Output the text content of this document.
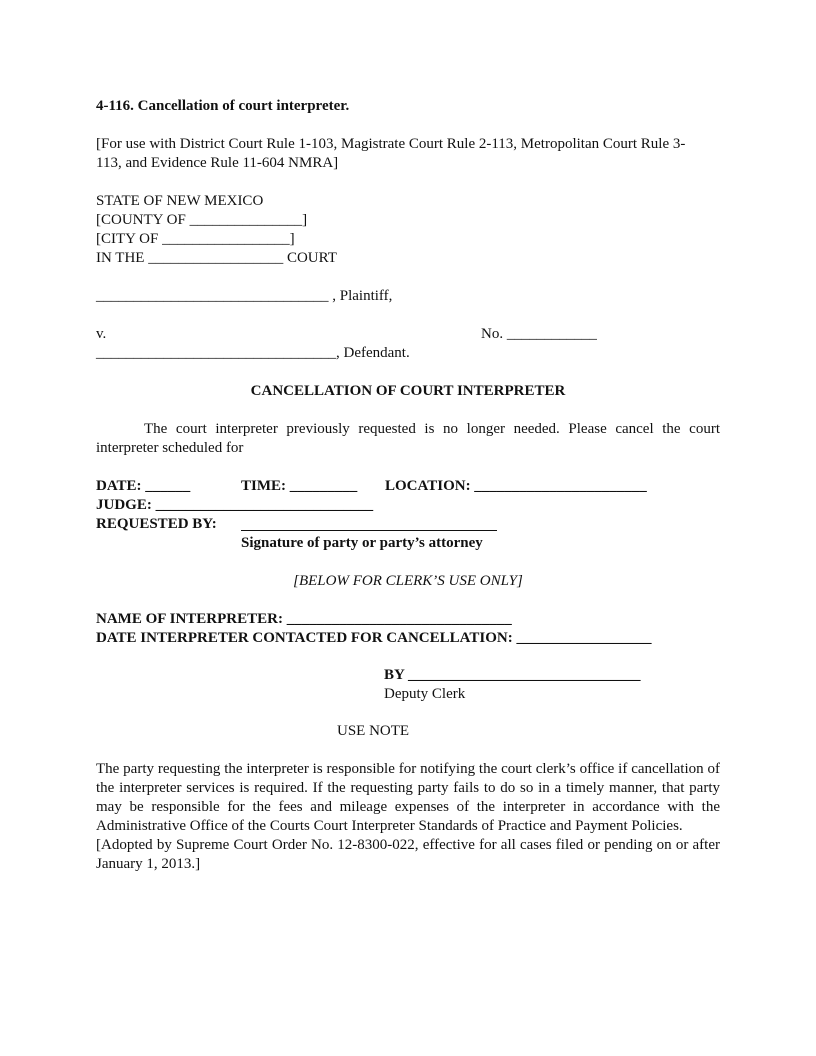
4-116. Cancellation of court interpreter.
[For use with District Court Rule 1-103, Magistrate Court Rule 2-113, Metropolitan Court Rule 3-
113, and Evidence Rule 11-604 NMRA]
STATE OF NEW MEXICO
[COUNTY OF _______________]
[CITY OF _________________]
IN THE __________________ COURT
_______________________________ , Plaintiff,
v.	No. ____________
________________________________, Defendant.
CANCELLATION OF COURT INTERPRETER
The court interpreter previously requested is no longer needed. Please cancel the court interpreter scheduled for
DATE: ______	TIME: _________ LOCATION: _______________________
JUDGE: _____________________________
REQUESTED BY:
Signature of party or party’s attorney
[BELOW FOR CLERK’S USE ONLY]
NAME OF INTERPRETER: ______________________________
DATE INTERPRETER CONTACTED FOR CANCELLATION: __________________
BY _______________________________
Deputy Clerk
USE NOTE
The party requesting the interpreter is responsible for notifying the court clerk’s office if cancellation of the interpreter services is required. If the requesting party fails to do so in a timely manner, that party may be responsible for the fees and mileage expenses of the interpreter in accordance with the Administrative Office of the Courts Court Interpreter Standards of Practice and Payment Policies.
[Adopted by Supreme Court Order No. 12-8300-022, effective for all cases filed or pending on or after January 1, 2013.]
